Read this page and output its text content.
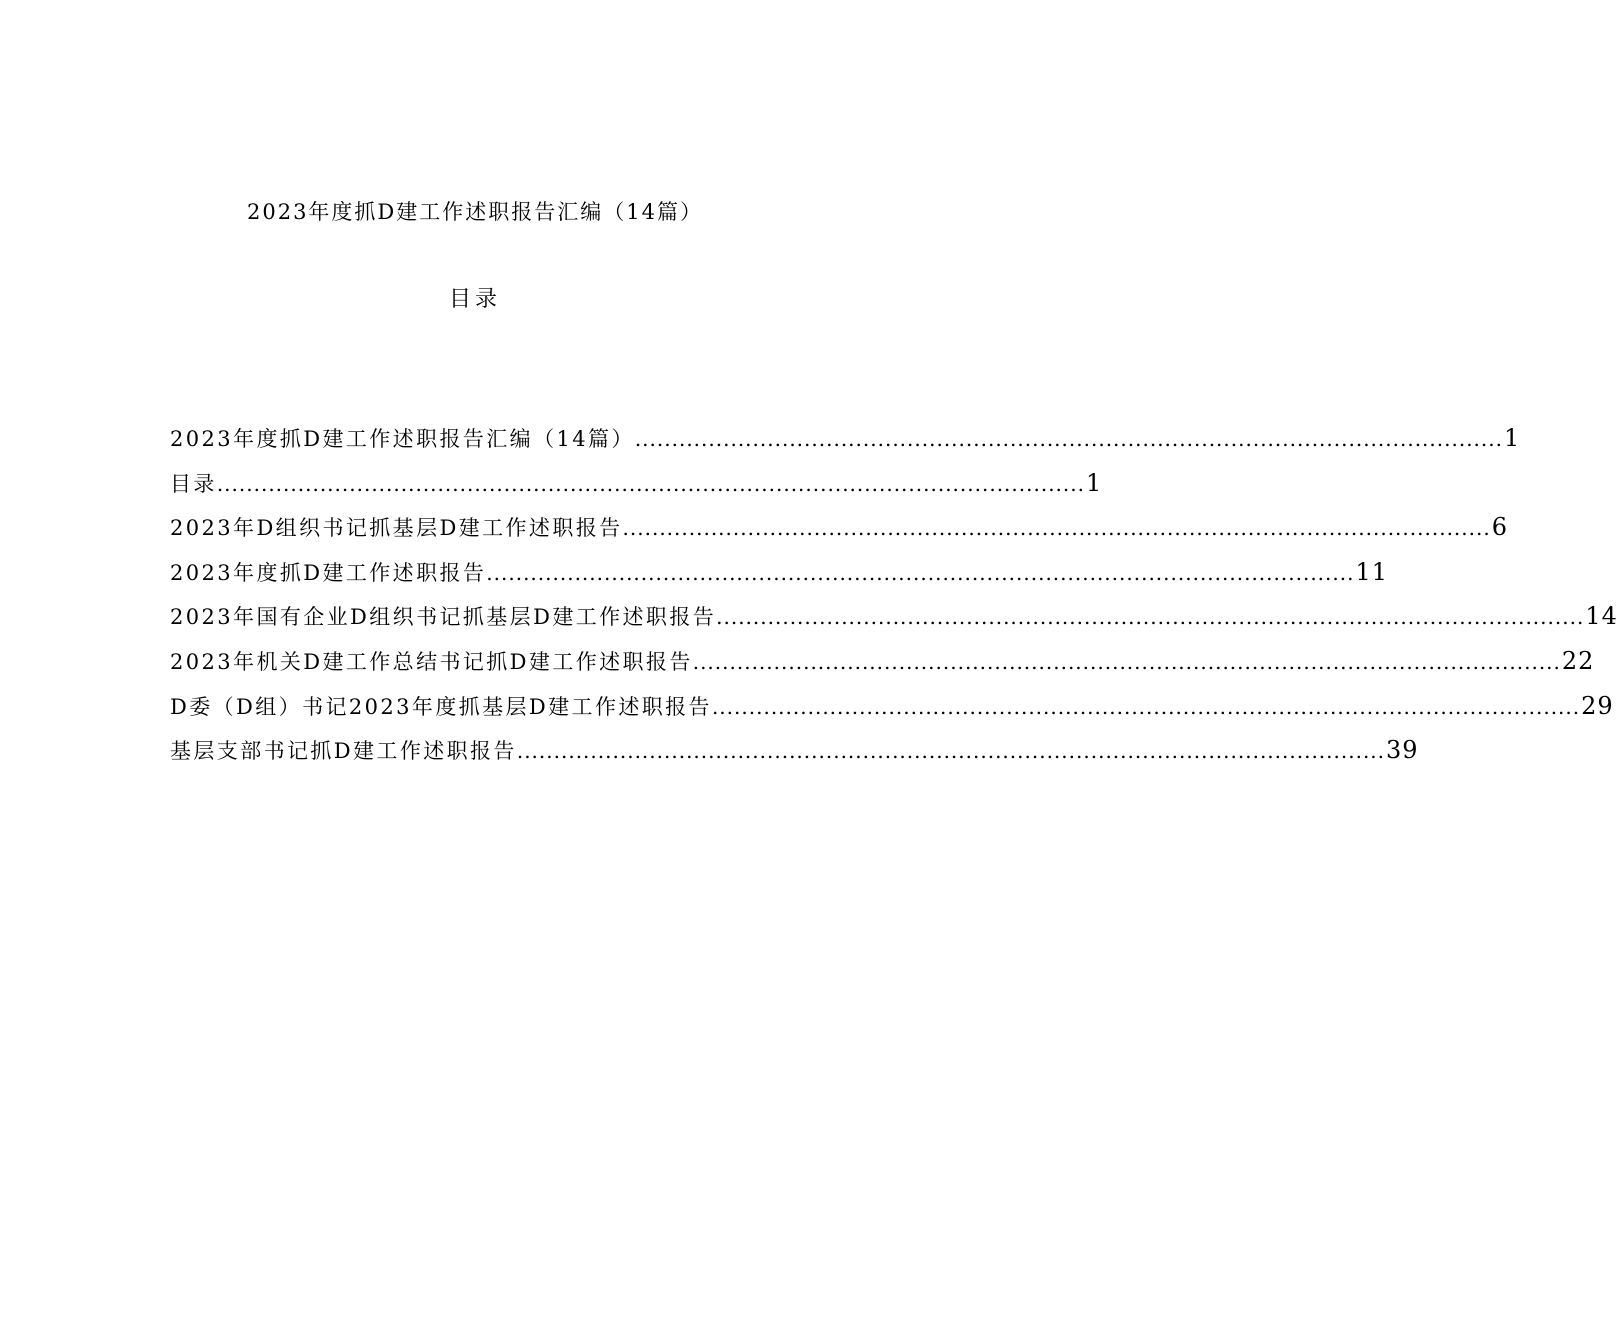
2023年度抓D建工作述职报告汇编（14篇）
目录
2023年度抓D建工作述职报告汇编（14篇） ...................................................................................................................... 1
目录 ...................................................................................................................... 1
2023年D组织书记抓基层D建工作述职报告 ...................................................................................................................... 6
2023年度抓D建工作述职报告 ...................................................................................................................... 11
2023年国有企业D组织书记抓基层D建工作述职报告 ...................................................................................................................... 14
2023年机关D建工作总结书记抓D建工作述职报告 ...................................................................................................................... 22
D委（D组）书记2023年度抓基层D建工作述职报告 ...................................................................................................................... 29
基层支部书记抓D建工作述职报告 ...................................................................................................................... 39
